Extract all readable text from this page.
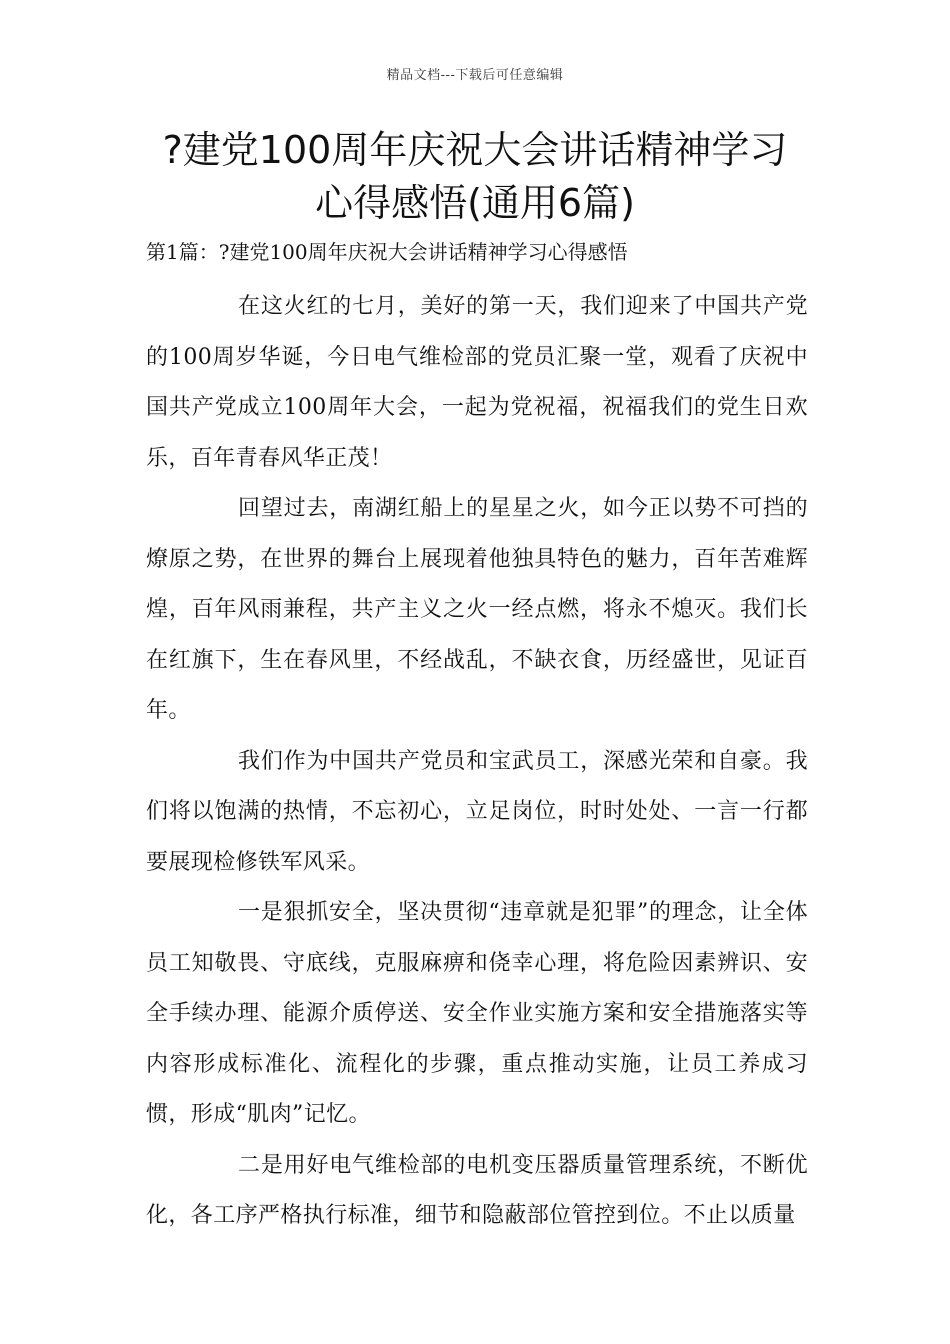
精品文档---下载后可任意编辑
?建党100周年庆祝大会讲话精神学习
心得感悟(通用6篇)
第1篇：?建党100周年庆祝大会讲话精神学习心得感悟

在这火红的七月，美好的第一天，我们迎来了中国共产党的100周岁华诞，今日电气维检部的党员汇聚一堂，观看了庆祝中国共产党成立100周年大会，一起为党祝福，祝福我们的党生日欢乐，百年青春风华正茂！

回望过去，南湖红船上的星星之火，如今正以势不可挡的燎原之势，在世界的舞台上展现着他独具特色的魅力，百年苦难辉煌，百年风雨兼程，共产主义之火一经点燃，将永不熄灭。我们长在红旗下，生在春风里，不经战乱，不缺衣食，历经盛世，见证百年。

我们作为中国共产党员和宝武员工，深感光荣和自豪。我们将以饱满的热情，不忘初心，立足岗位，时时处处、一言一行都要展现检修铁军风采。

一是狠抓安全，坚决贯彻“违章就是犯罪”的理念，让全体员工知敬畏、守底线，克服麻痹和侥幸心理，将危险因素辨识、安全手续办理、能源介质停送、安全作业实施方案和安全措施落实等内容形成标准化、流程化的步骤，重点推动实施，让员工养成习惯，形成“肌肉”记忆。

二是用好电气维检部的电机变压器质量管理系统，不断优化，各工序严格执行标准，细节和隐蔽部位管控到位。不止以质量
